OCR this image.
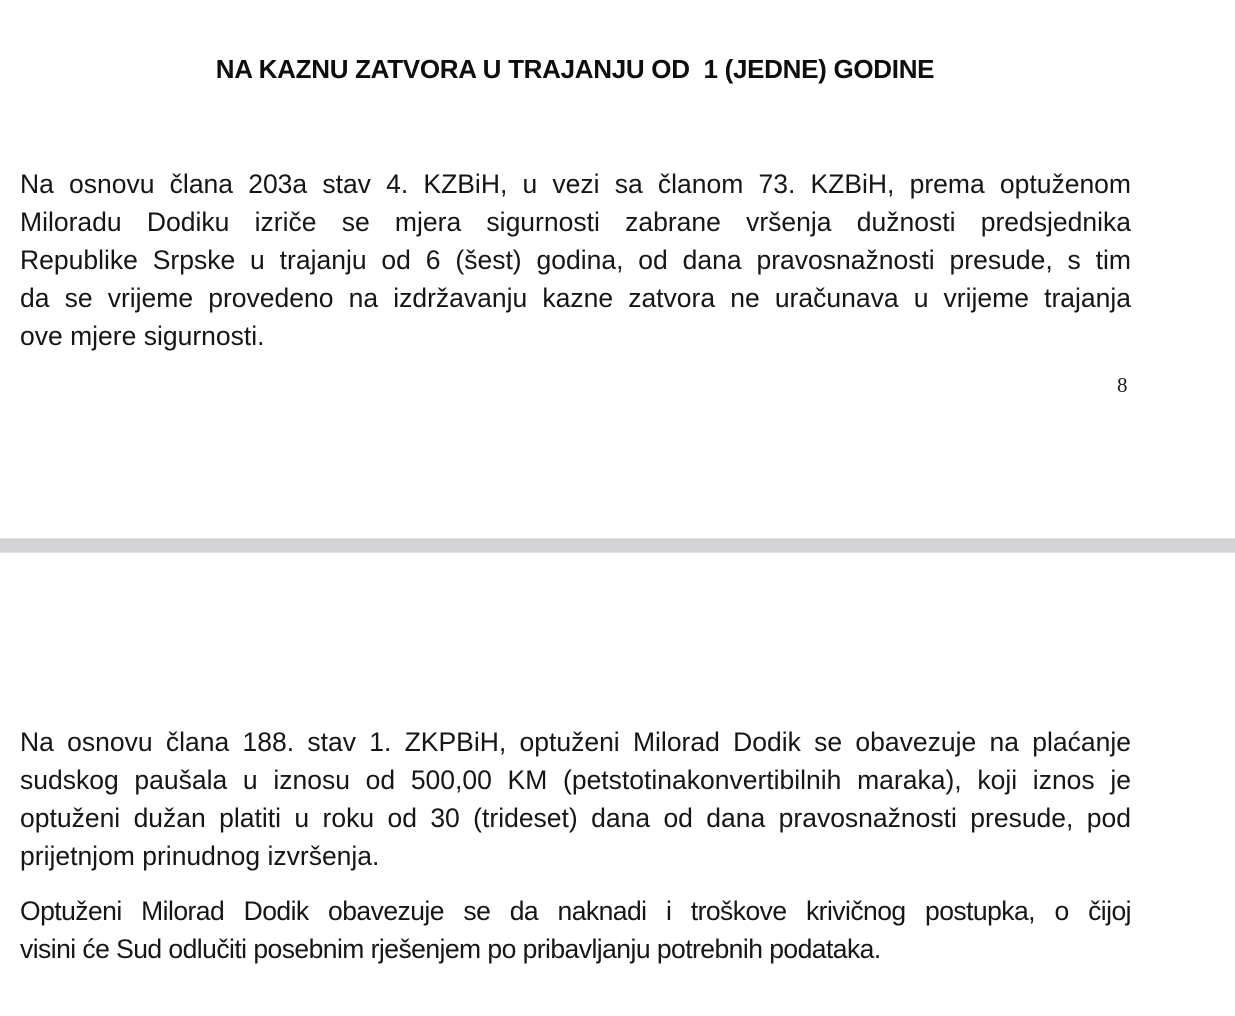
NA KAZNU ZATVORA U TRAJANJU OD  1 (JEDNE) GODINE

Na osnovu člana 203a stav 4. KZBiH, u vezi sa članom 73. KZBiH, prema optuženom
Miloradu Dodiku izriče se mjera sigurnosti zabrane vršenja dužnosti predsjednika
Republike Srpske u trajanju od 6 (šest) godina, od dana pravosnažnosti presude, s tim
da se vrijeme provedeno na izdržavanju kazne zatvora ne uračunava u vrijeme trajanja
ove mjere sigurnosti.

8

Na osnovu člana 188. stav 1. ZKPBiH, optuženi Milorad Dodik se obavezuje na plaćanje
sudskog paušala u iznosu od 500,00 KM (petstotinakonvertibilnih maraka), koji iznos je
optuženi dužan platiti u roku od 30 (trideset) dana od dana pravosnažnosti presude, pod
prijetnjom prinudnog izvršenja.

Optuženi Milorad Dodik obavezuje se da naknadi i troškove krivičnog postupka, o čijoj
visini će Sud odlučiti posebnim rješenjem po pribavljanju potrebnih podataka.
